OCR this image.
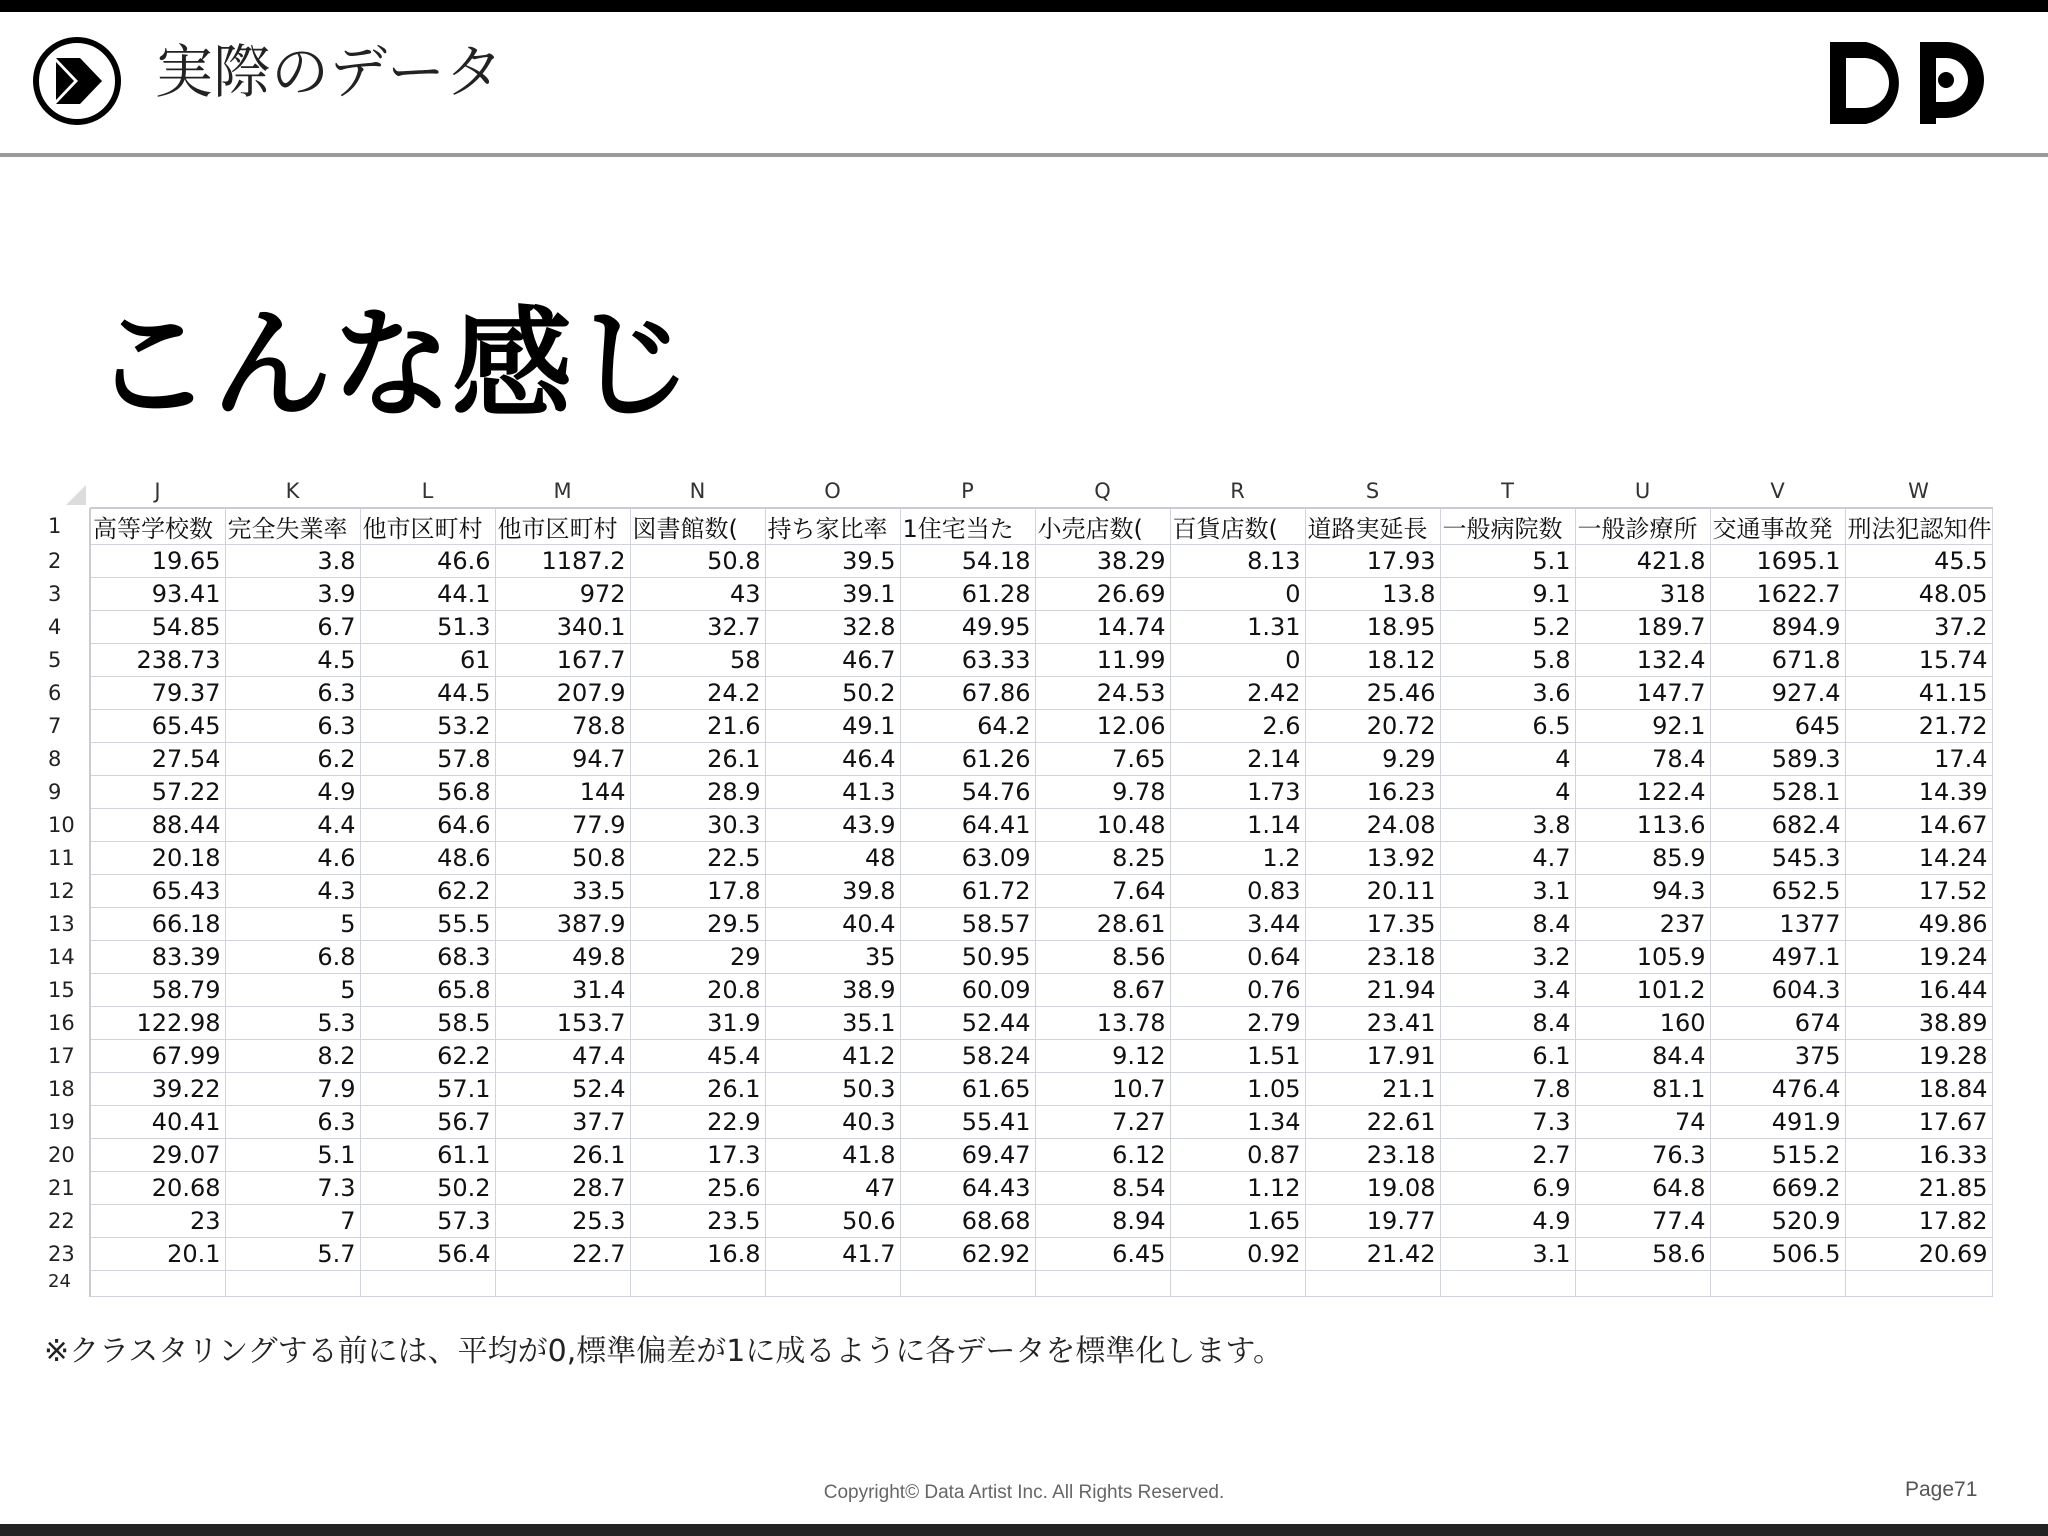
実際のデータ
こんな感じ
	J	K	L	M	N	O	P	Q	R	S	T	U	V	W
1	高等学校数	完全失業率	他市区町村	他市区町村	図書館数(	持ち家比率	1住宅当た	小売店数(	百貨店数(	道路実延長	一般病院数	一般診療所	交通事故発	刑法犯認知件
2	19.65	3.8	46.6	1187.2	50.8	39.5	54.18	38.29	8.13	17.93	5.1	421.8	1695.1	45.5
3	93.41	3.9	44.1	972	43	39.1	61.28	26.69	0	13.8	9.1	318	1622.7	48.05
4	54.85	6.7	51.3	340.1	32.7	32.8	49.95	14.74	1.31	18.95	5.2	189.7	894.9	37.2
5	238.73	4.5	61	167.7	58	46.7	63.33	11.99	0	18.12	5.8	132.4	671.8	15.74
6	79.37	6.3	44.5	207.9	24.2	50.2	67.86	24.53	2.42	25.46	3.6	147.7	927.4	41.15
7	65.45	6.3	53.2	78.8	21.6	49.1	64.2	12.06	2.6	20.72	6.5	92.1	645	21.72
8	27.54	6.2	57.8	94.7	26.1	46.4	61.26	7.65	2.14	9.29	4	78.4	589.3	17.4
9	57.22	4.9	56.8	144	28.9	41.3	54.76	9.78	1.73	16.23	4	122.4	528.1	14.39
10	88.44	4.4	64.6	77.9	30.3	43.9	64.41	10.48	1.14	24.08	3.8	113.6	682.4	14.67
11	20.18	4.6	48.6	50.8	22.5	48	63.09	8.25	1.2	13.92	4.7	85.9	545.3	14.24
12	65.43	4.3	62.2	33.5	17.8	39.8	61.72	7.64	0.83	20.11	3.1	94.3	652.5	17.52
13	66.18	5	55.5	387.9	29.5	40.4	58.57	28.61	3.44	17.35	8.4	237	1377	49.86
14	83.39	6.8	68.3	49.8	29	35	50.95	8.56	0.64	23.18	3.2	105.9	497.1	19.24
15	58.79	5	65.8	31.4	20.8	38.9	60.09	8.67	0.76	21.94	3.4	101.2	604.3	16.44
16	122.98	5.3	58.5	153.7	31.9	35.1	52.44	13.78	2.79	23.41	8.4	160	674	38.89
17	67.99	8.2	62.2	47.4	45.4	41.2	58.24	9.12	1.51	17.91	6.1	84.4	375	19.28
18	39.22	7.9	57.1	52.4	26.1	50.3	61.65	10.7	1.05	21.1	7.8	81.1	476.4	18.84
19	40.41	6.3	56.7	37.7	22.9	40.3	55.41	7.27	1.34	22.61	7.3	74	491.9	17.67
20	29.07	5.1	61.1	26.1	17.3	41.8	69.47	6.12	0.87	23.18	2.7	76.3	515.2	16.33
21	20.68	7.3	50.2	28.7	25.6	47	64.43	8.54	1.12	19.08	6.9	64.8	669.2	21.85
22	23	7	57.3	25.3	23.5	50.6	68.68	8.94	1.65	19.77	4.9	77.4	520.9	17.82
23	20.1	5.7	56.4	22.7	16.8	41.7	62.92	6.45	0.92	21.42	3.1	58.6	506.5	20.69
24														
※クラスタリングする前には、平均が0,標準偏差が1に成るように各データを標準化します。
Copyright© Data Artist Inc. All Rights Reserved.	Page71
